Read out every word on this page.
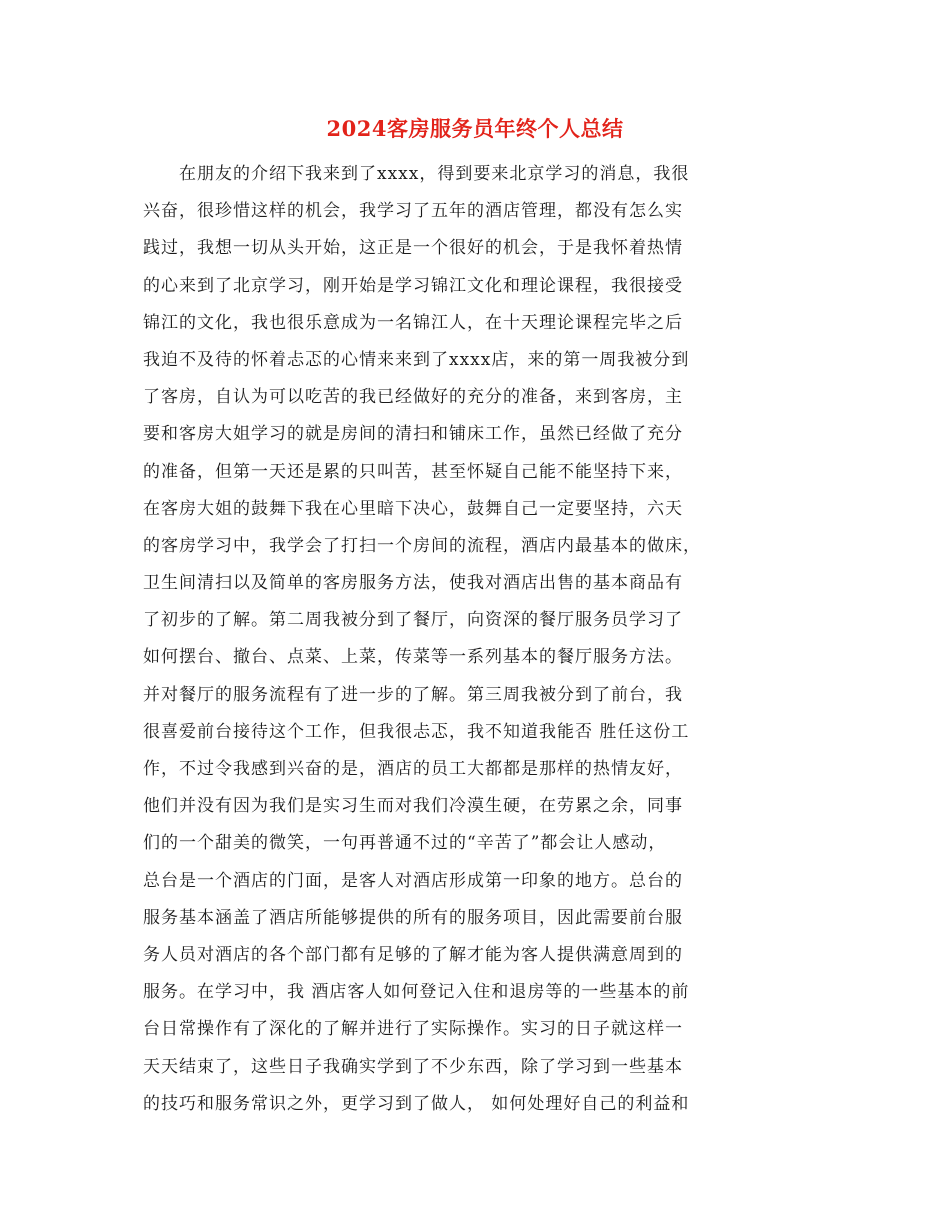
2024客房服务员年终个人总结
在朋友的介绍下我来到了xxxx，得到要来北京学习的消息，我很
兴奋，很珍惜这样的机会，我学习了五年的酒店管理，都没有怎么实
践过，我想一切从头开始，这正是一个很好的机会，于是我怀着热情
的心来到了北京学习，刚开始是学习锦江文化和理论课程，我很接受
锦江的文化，我也很乐意成为一名锦江人，在十天理论课程完毕之后
我迫不及待的怀着忐忑的心情来来到了xxxx店，来的第一周我被分到
了客房，自认为可以吃苦的我已经做好的充分的准备，来到客房，主
要和客房大姐学习的就是房间的清扫和铺床工作，虽然已经做了充分
的准备，但第一天还是累的只叫苦，甚至怀疑自己能不能坚持下来，
在客房大姐的鼓舞下我在心里暗下决心，鼓舞自己一定要坚持，六天
的客房学习中，我学会了打扫一个房间的流程，酒店内最基本的做床，
卫生间清扫以及简单的客房服务方法，使我对酒店出售的基本商品有
了初步的了解。第二周我被分到了餐厅，向资深的餐厅服务员学习了
如何摆台、撤台、点菜、上菜，传菜等一系列基本的餐厅服务方法。
并对餐厅的服务流程有了进一步的了解。第三周我被分到了前台，我
很喜爱前台接待这个工作，但我很忐忑，我不知道我能否 胜任这份工
作，不过令我感到兴奋的是，酒店的员工大都都是那样的热情友好，
他们并没有因为我们是实习生而对我们冷漠生硬，在劳累之余，同事
们的一个甜美的微笑，一句再普通不过的“辛苦了”都会让人感动，
总台是一个酒店的门面，是客人对酒店形成第一印象的地方。总台的
服务基本涵盖了酒店所能够提供的所有的服务项目，因此需要前台服
务人员对酒店的各个部门都有足够的了解才能为客人提供满意周到的
服务。在学习中，我 酒店客人如何登记入住和退房等的一些基本的前
台日常操作有了深化的了解并进行了实际操作。实习的日子就这样一
天天结束了，这些日子我确实学到了不少东西，除了学习到一些基本
的技巧和服务常识之外，更学习到了做人， 如何处理好自己的利益和
